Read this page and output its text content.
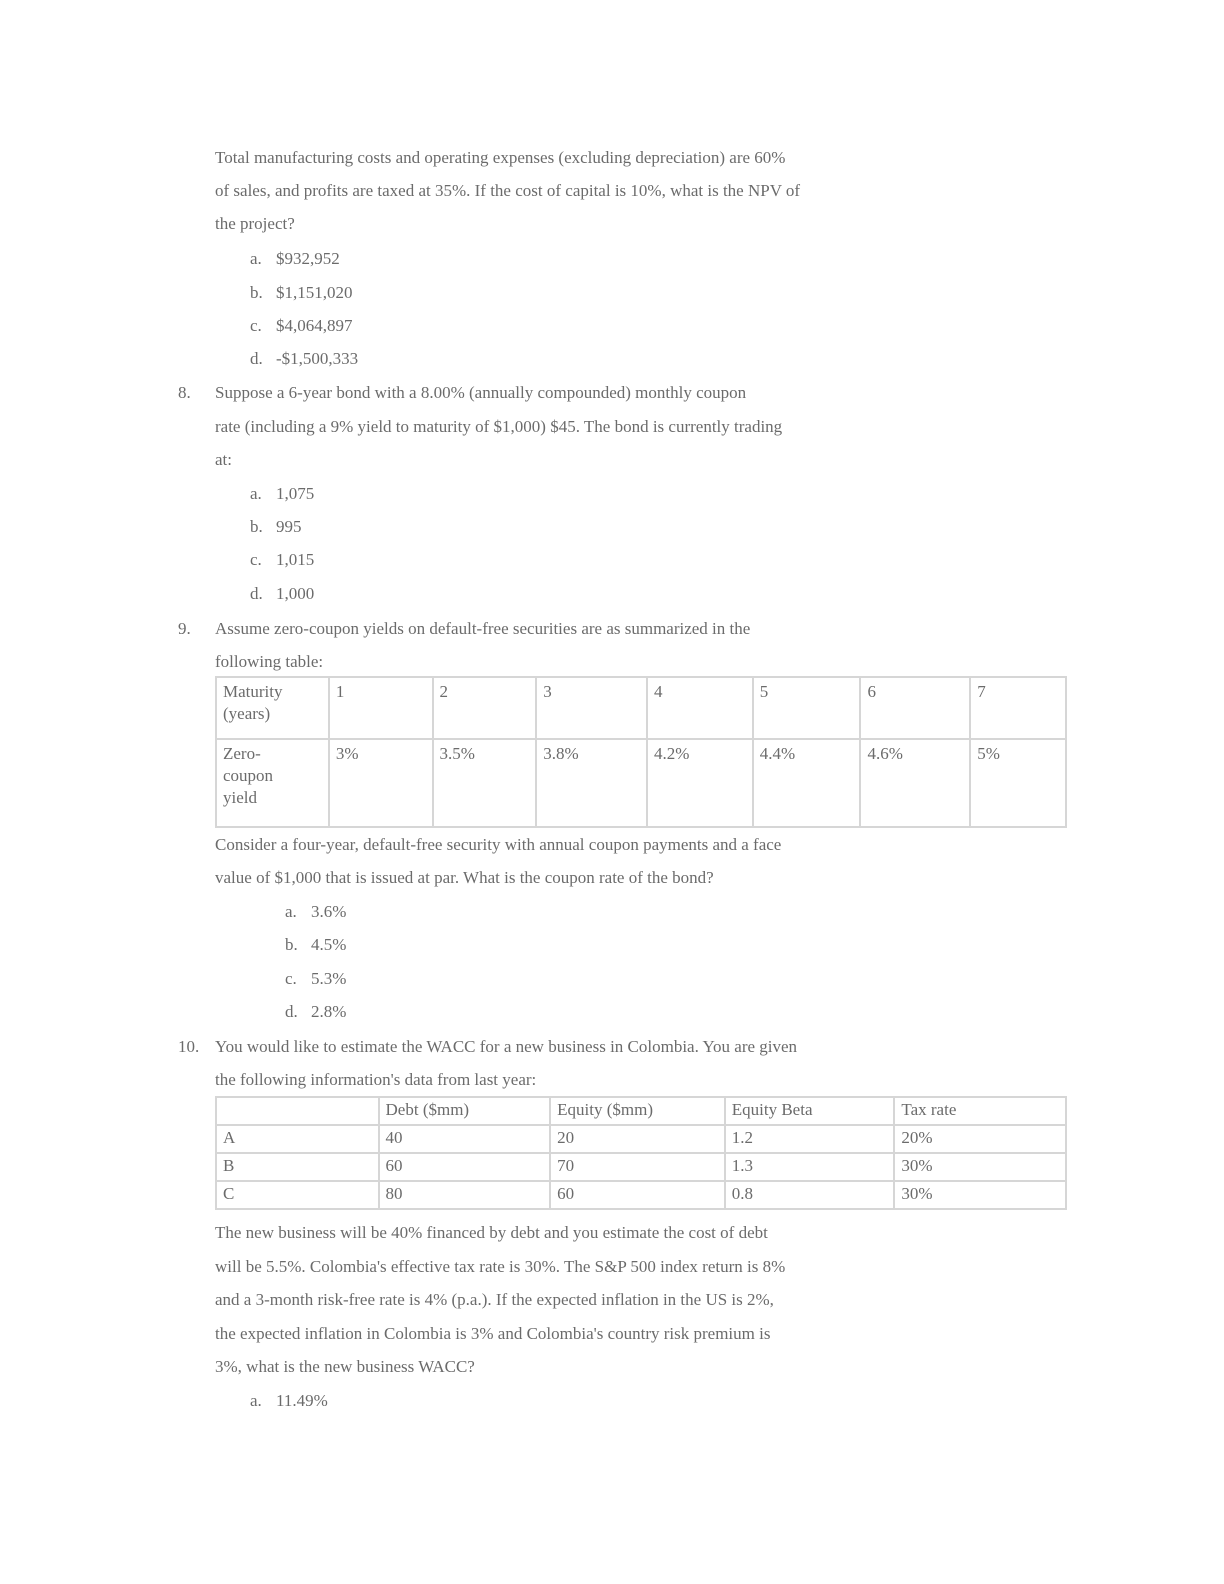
Total manufacturing costs and operating expenses (excluding depreciation) are 60%
of sales, and profits are taxed at 35%. If the cost of capital is 10%, what is the NPV of
the project?
a. $932,952
b. $1,151,020
c. $4,064,897
d. -$1,500,333
8. Suppose a 6-year bond with a 8.00% (annually compounded) monthly coupon
rate (including a 9% yield to maturity of $1,000) $45. The bond is currently trading
at:
a. 1,075
b. 995
c. 1,015
d. 1,000
9. Assume zero-coupon yields on default-free securities are as summarized in the
following table:
Maturity
(years)	1	2	3	4	5	6	7
Zero-
coupon
yield	3%	3.5%	3.8%	4.2%	4.4%	4.6%	5%
Consider a four-year, default-free security with annual coupon payments and a face
value of $1,000 that is issued at par. What is the coupon rate of the bond?
a. 3.6%
b. 4.5%
c. 5.3%
d. 2.8%
10. You would like to estimate the WACC for a new business in Colombia. You are given
the following information's data from last year:
	Debt ($mm)	Equity ($mm)	Equity Beta	Tax rate
A	40	20	1.2	20%
B	60	70	1.3	30%
C	80	60	0.8	30%
The new business will be 40% financed by debt and you estimate the cost of debt
will be 5.5%. Colombia's effective tax rate is 30%. The S&P 500 index return is 8%
and a 3-month risk-free rate is 4% (p.a.). If the expected inflation in the US is 2%,
the expected inflation in Colombia is 3% and Colombia's country risk premium is
3%, what is the new business WACC?
a. 11.49%
